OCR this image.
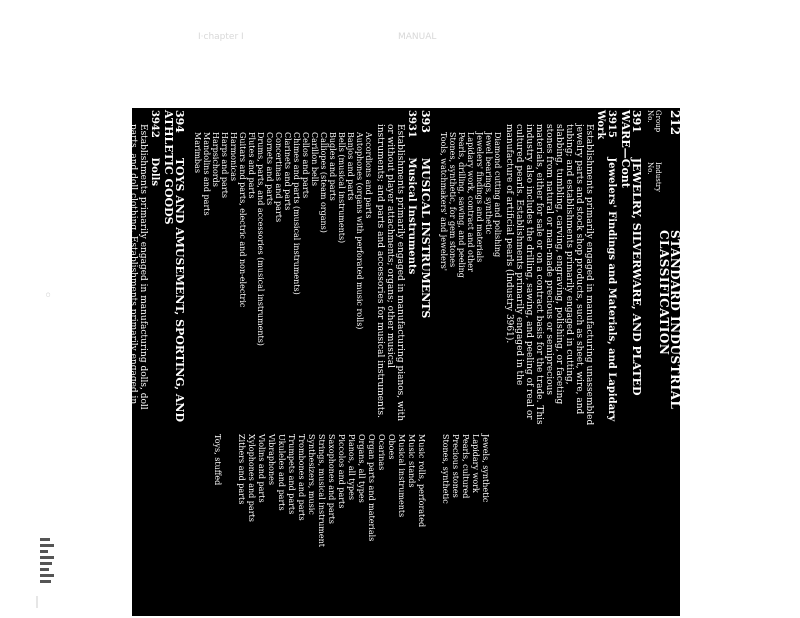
I·chapter I	MANUAL
◦
212
STANDARD INDUSTRIAL CLASSIFICATION
Group No.
Industry No.
391 JEWELRY, SILVERWARE, AND PLATED WARE—Cont
3915 Jewelers' Findings and Materials, and Lapidary Work
Establishments primarily engaged in manufacturing unassembled jewelry parts and stock shop products, such as sheet, wire, and tubing; and establishments primarily engaged in cutting, slabbing, tumbling, carving, engraving, polishing, or faceting stones from natural or man-made precious or semiprecious materials, either for sale or on a contract basis for the trade. This industry also includes the drilling, sawing, and peeling of real or cultured pearls. Establishments primarily engaged in the manufacture of artificial pearls (Industry 3961).
Diamond cutting and polishing
Jewel bearings, synthetic
Jewelers' findings and materials
Lapidary work, contract and other
Pearls, drilling, sawing, and peeling
Stones, synthetic, for gem stones
Tools, watchmakers' and jewelers'
393 MUSICAL INSTRUMENTS
3931 Musical Instruments
Establishments primarily engaged in manufacturing pianos, with or without player attachments; organs; other musical instruments; and parts and accessories for musical instruments.
Accordions and parts
Autophones (organs with perforated music rolls)
Banjos and parts
Bells (musical instruments)
Bugles and parts
Calliopes (steam organs)
Carillon bells
Cellos and parts
Chimes and parts (musical instruments)
Clarinets and parts
Concertinas and parts
Cornets and parts
Drums, parts, and accessories (musical instruments)
Flutes and parts
Guitars and parts, electric and non-electric
Harmonicas
Harps and parts
Harpsichords
Mandolins and parts
Marimbas
394 TOYS AND AMUSEMENT, SPORTING, AND ATHLETIC GOODS
3942 Dolls
Establishments primarily engaged in manufacturing dolls, doll parts, and doll clothing. Establishments primarily engaged in manufacturing stuffed toys are also included in this industry.
Doll clothing, and doll clothing ex-
cept wigs
Jewels, synthetic
Lapidary work
Pearls, cultured
Precious stones
Stones, synthetic
Music rolls, perforated
Music stands
Musical instruments
Oboes
Ocarinas
Organ parts and materials
Organs, all types
Pianos, all types
Piccolos and parts
Saxophones and parts
Strings, musical instrument
Synthesizers, music
Trombones and parts
Trumpets and parts
Ukuleles and parts
Vibraphones
Violins and parts
Xylophones and parts
Zithers and parts
Toys, stuffed
